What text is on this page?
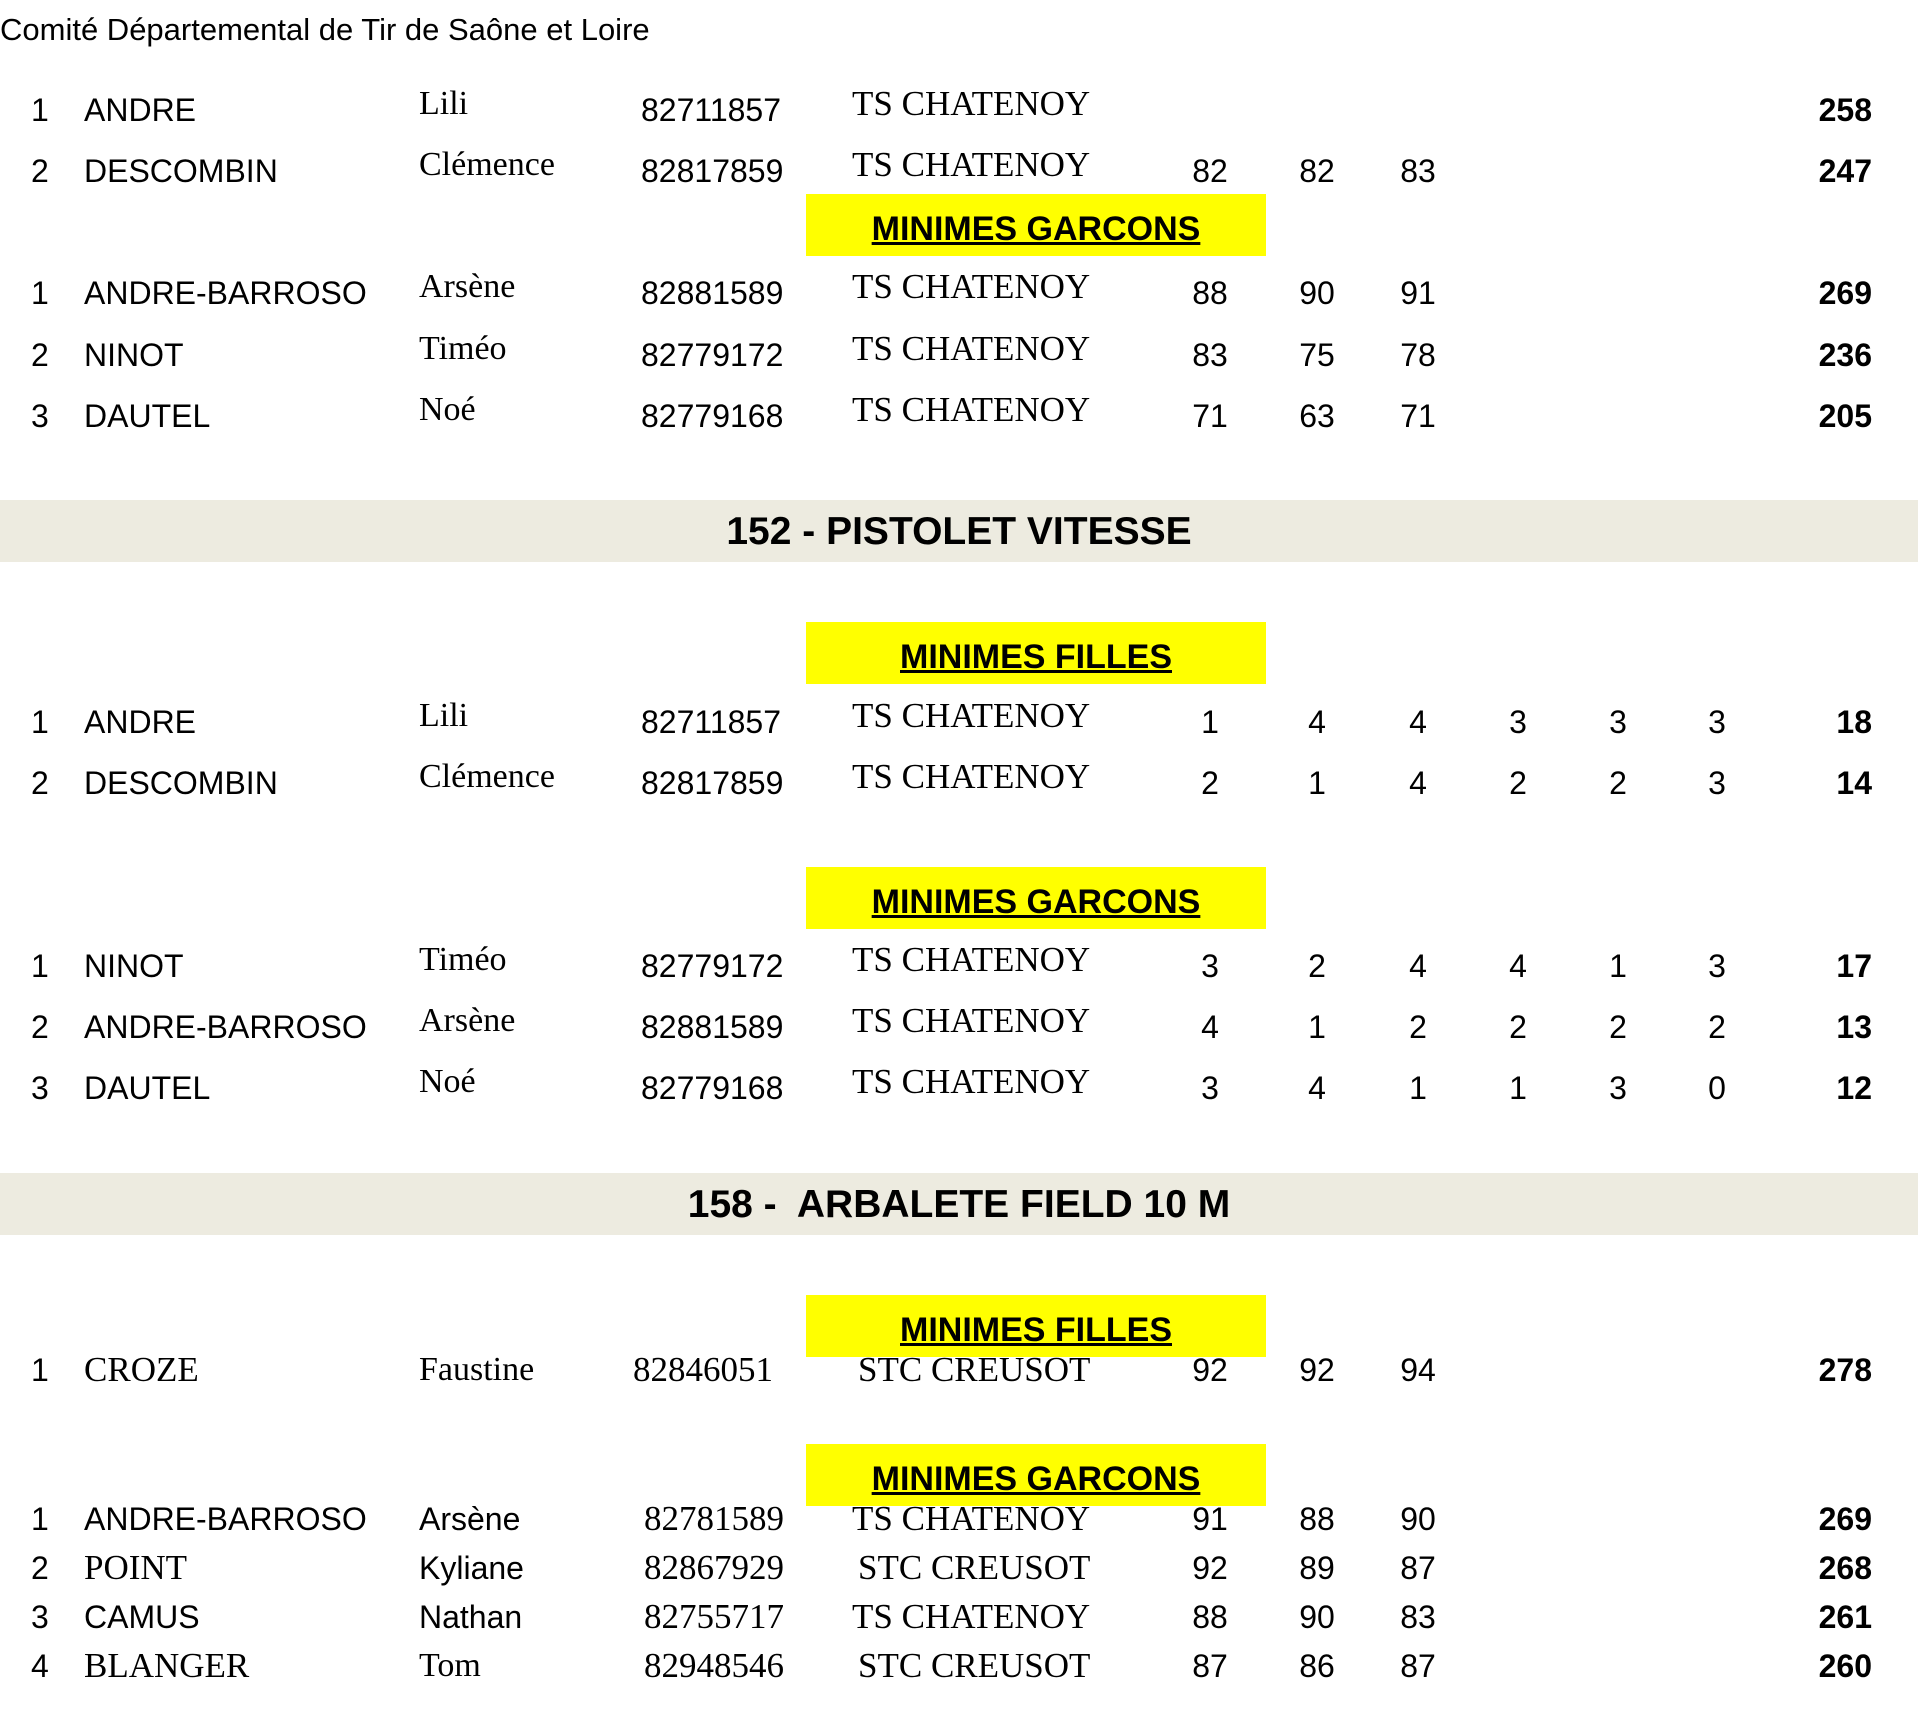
Comité Départemental de Tir de Saône et Loire
1 ANDRE	Lili	82711857 TS CHATENOY	258
2 DESCOMBIN	Clémence	82817859 TS CHATENOY	82	82	83	247
MINIMES GARCONS
1 ANDRE-BARROSO Arsène	82881589 TS CHATENOY	88	90	91	269
2 NINOT	Timéo	82779172 TS CHATENOY	83	75	78	236
3 DAUTEL	Noé	82779168 TS CHATENOY	71	63	71	205
152 - PISTOLET VITESSE
MINIMES FILLES
1 ANDRE	Lili	82711857 TS CHATENOY	1	4	4	3	3	3	18
2 DESCOMBIN	Clémence	82817859 TS CHATENOY	2	1	4	2	2	3	14
MINIMES GARCONS
1 NINOT	Timéo	82779172 TS CHATENOY	3	2	4	4	1	3	17
2 ANDRE-BARROSO Arsène	82881589 TS CHATENOY	4	1	2	2	2	2	13
3 DAUTEL	Noé	82779168 TS CHATENOY	3	4	1	1	3	0	12
158 -  ARBALETE FIELD 10 M
MINIMES FILLES
1 CROZE	Faustine	82846051 STC CREUSOT	92	92	94	278
MINIMES GARCONS
1 ANDRE-BARROSO Arsène	82781589 TS CHATENOY	91	88	90	269
2 POINT	Kyliane	82867929 STC CREUSOT	92	89	87	268
3 CAMUS	Nathan	82755717 TS CHATENOY	88	90	83	261
4 BLANGER	Tom	82948546 STC CREUSOT	87	86	87	260
